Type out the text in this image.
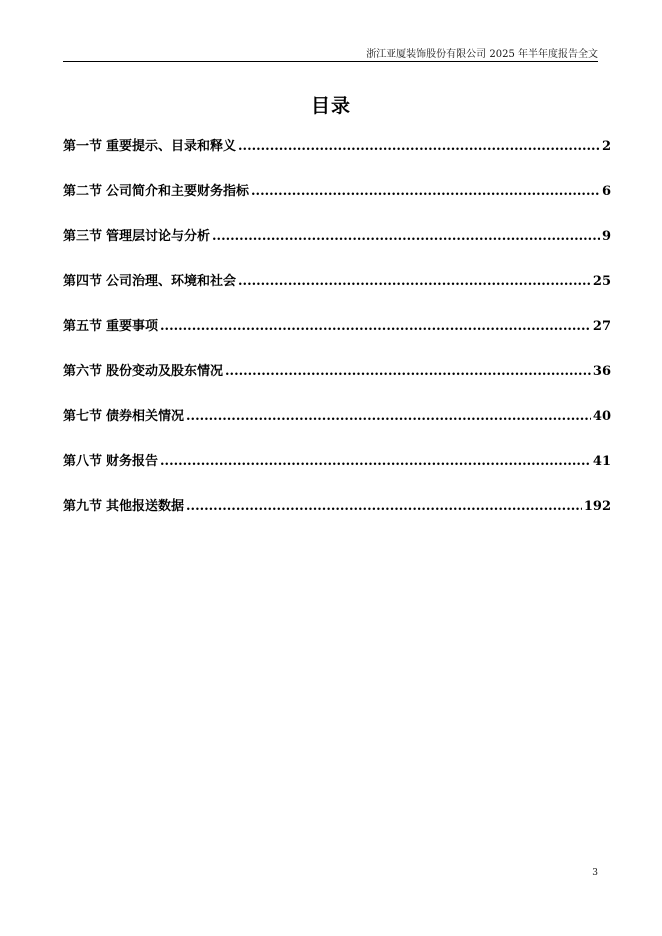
浙江亚厦装饰股份有限公司 2025 年半年度报告全文
目录
第一节 重要提示、目录和释义 .....	2
第二节 公司简介和主要财务指标 .....	6
第三节 管理层讨论与分析 .....	9
第四节 公司治理、环境和社会 .....	25
第五节 重要事项 .....	27
第六节 股份变动及股东情况 .....	36
第七节 债券相关情况 .....	40
第八节 财务报告 .....	41
第九节 其他报送数据 .....	192
3
